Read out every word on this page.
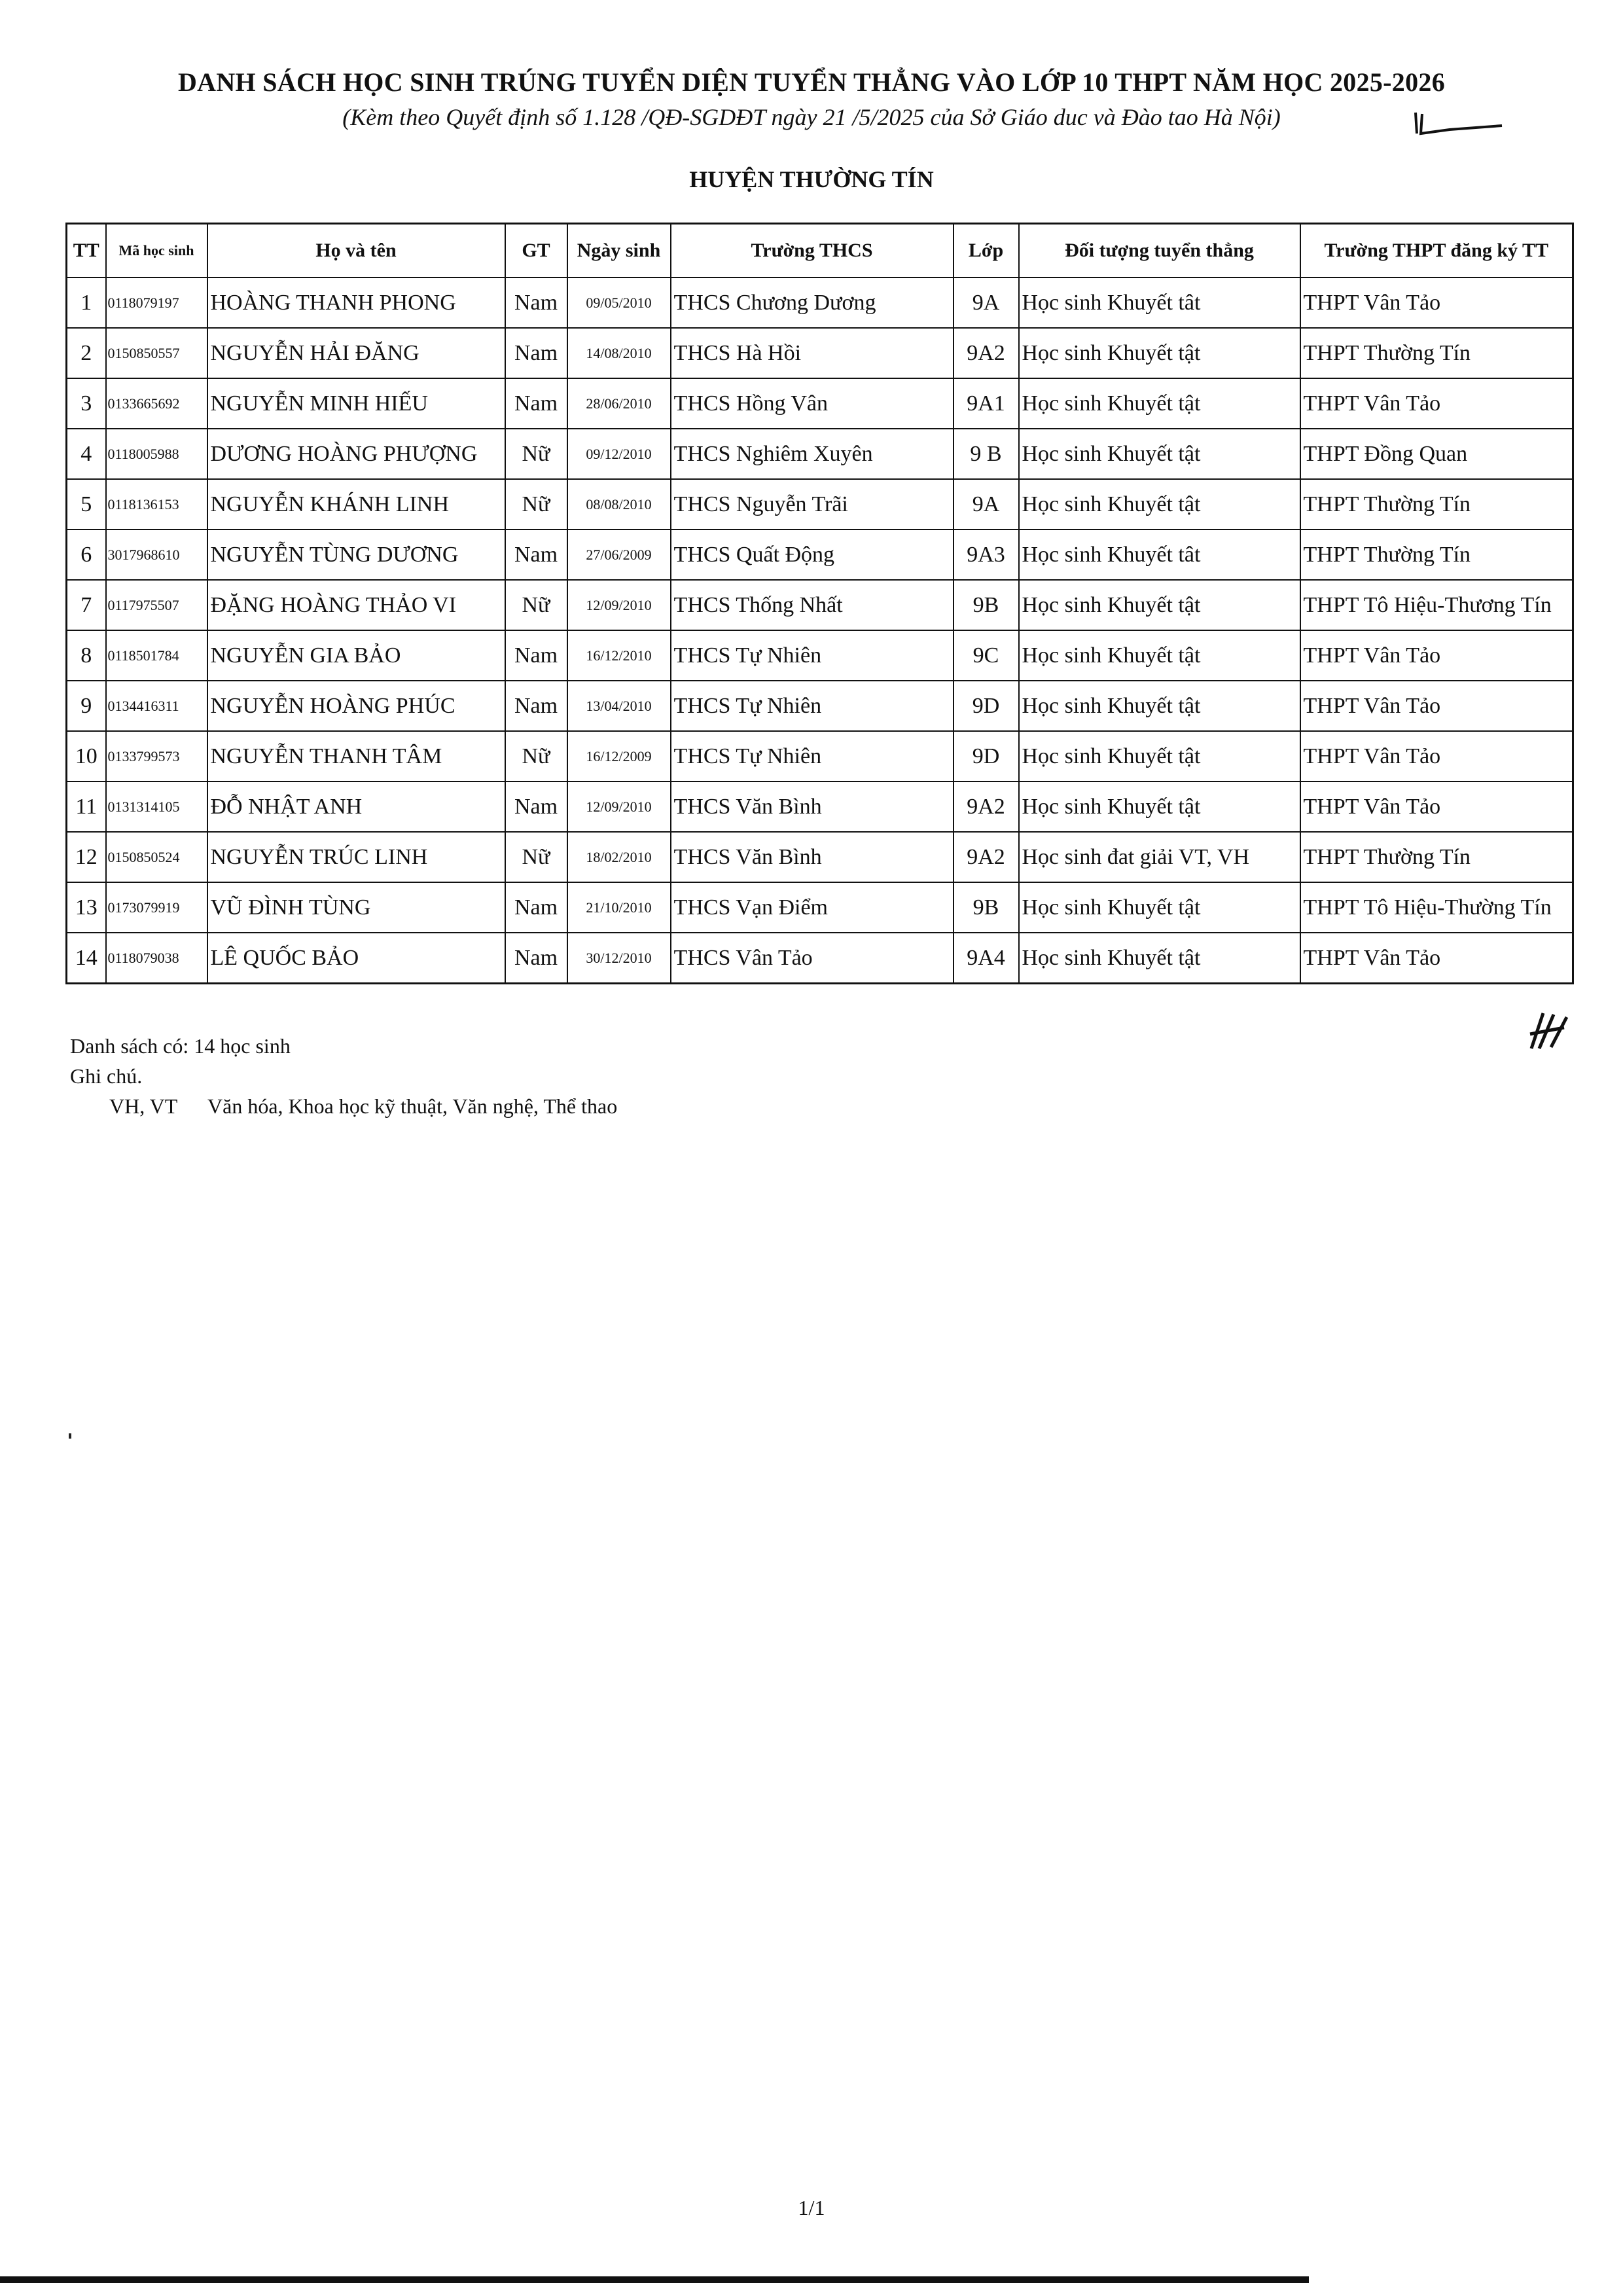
DANH SÁCH HỌC SINH TRÚNG TUYỂN DIỆN TUYỂN THẲNG VÀO LỚP 10 THPT NĂM HỌC 2025-2026
(Kèm theo Quyết định số 1.128 /QĐ-SGDĐT ngày 21 /5/2025 của Sở Giáo duc và Đào tao Hà Nội)
HUYỆN THƯỜNG TÍN
TT	Mã học sinh	Họ và tên	GT	Ngày sinh	Trường THCS	Lớp	Đối tượng tuyển thẳng	Trường THPT đăng ký TT
1	0118079197	HOÀNG THANH PHONG	Nam	09/05/2010	THCS Chương Dương	9A	Học sinh Khuyết tât	THPT Vân Tảo
2	0150850557	NGUYỄN HẢI ĐĂNG	Nam	14/08/2010	THCS Hà Hồi	9A2	Học sinh Khuyết tật	THPT Thường Tín
3	0133665692	NGUYỄN MINH HIẾU	Nam	28/06/2010	THCS Hồng Vân	9A1	Học sinh Khuyết tật	THPT Vân Tảo
4	0118005988	DƯƠNG HOÀNG PHƯỢNG	Nữ	09/12/2010	THCS Nghiêm Xuyên	9 B	Học sinh Khuyết tật	THPT Đồng Quan
5	0118136153	NGUYỄN KHÁNH LINH	Nữ	08/08/2010	THCS Nguyễn Trãi	9A	Học sinh Khuyết tật	THPT Thường Tín
6	3017968610	NGUYỄN TÙNG DƯƠNG	Nam	27/06/2009	THCS Quất Động	9A3	Học sinh Khuyết tât	THPT Thường Tín
7	0117975507	ĐẶNG HOÀNG THẢO VI	Nữ	12/09/2010	THCS Thống Nhất	9B	Học sinh Khuyết tật	THPT Tô Hiệu-Thương Tín
8	0118501784	NGUYỄN GIA BẢO	Nam	16/12/2010	THCS Tự Nhiên	9C	Học sinh Khuyết tật	THPT Vân Tảo
9	0134416311	NGUYỄN HOÀNG PHÚC	Nam	13/04/2010	THCS Tự Nhiên	9D	Học sinh Khuyết tật	THPT Vân Tảo
10	0133799573	NGUYỄN THANH TÂM	Nữ	16/12/2009	THCS Tự Nhiên	9D	Học sinh Khuyết tật	THPT Vân Tảo
11	0131314105	ĐỖ NHẬT ANH	Nam	12/09/2010	THCS Văn Bình	9A2	Học sinh Khuyết tật	THPT Vân Tảo
12	0150850524	NGUYỄN TRÚC LINH	Nữ	18/02/2010	THCS Văn Bình	9A2	Học sinh đat giải VT, VH	THPT Thường Tín
13	0173079919	VŨ ĐÌNH TÙNG	Nam	21/10/2010	THCS Vạn Điểm	9B	Học sinh Khuyết tật	THPT Tô Hiệu-Thường Tín
14	0118079038	LÊ QUỐC BẢO	Nam	30/12/2010	THCS Vân Tảo	9A4	Học sinh Khuyết tật	THPT Vân Tảo
Danh sách có: 14 học sinh
Ghi chú.
VH, VT	Văn hóa, Khoa học kỹ thuật, Văn nghệ, Thể thao
1/1
